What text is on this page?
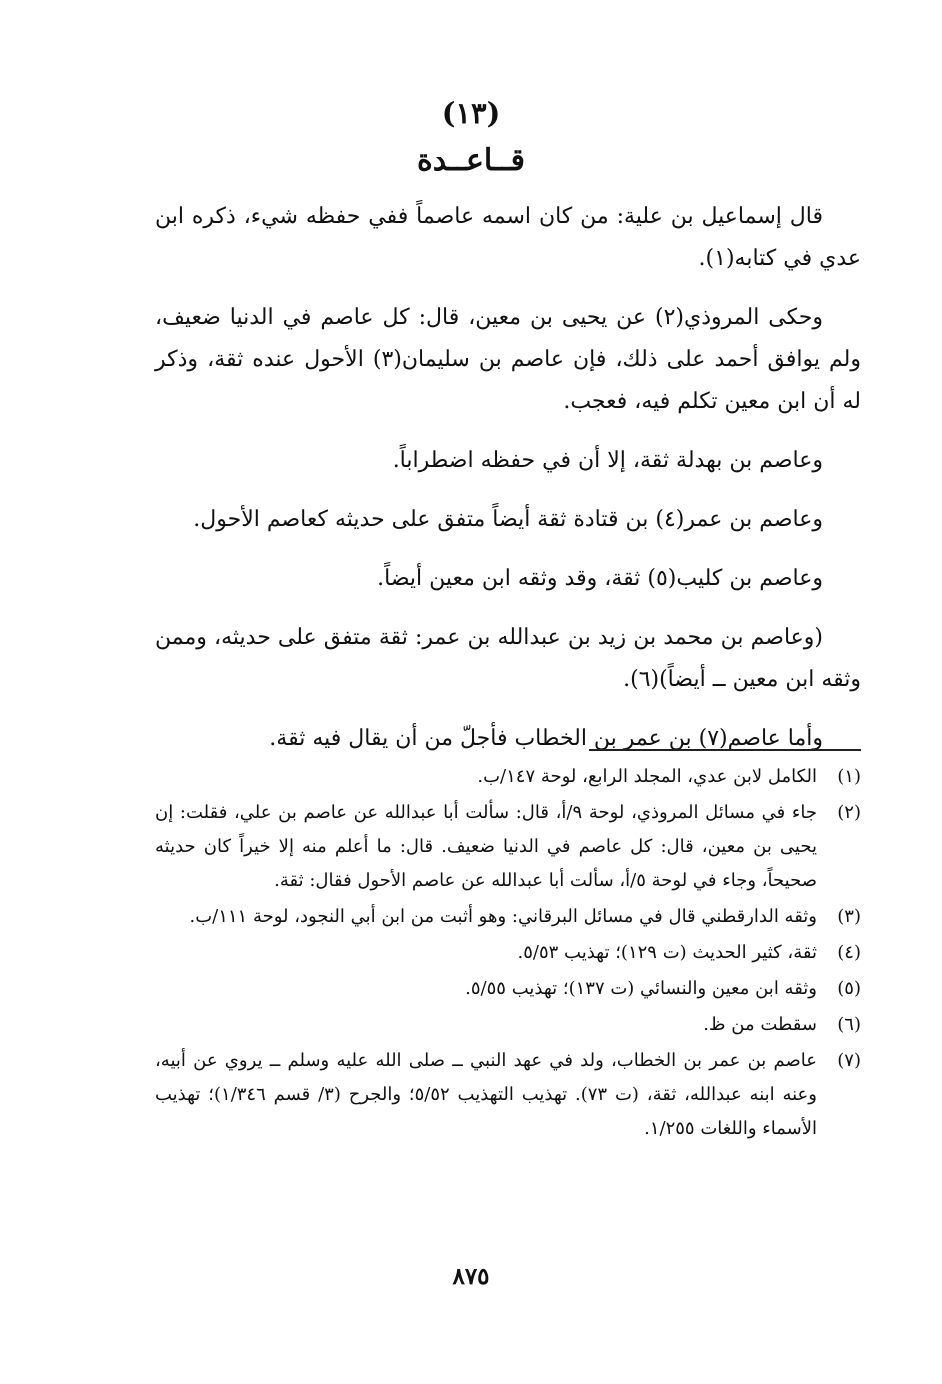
(١٣)
قــاعــدة

قال إسماعيل بن علية: من كان اسمه عاصماً ففي حفظه شيء، ذكره ابن عدي في كتابه(١).

وحكى المروذي(٢) عن يحيى بن معين، قال: كل عاصم في الدنيا ضعيف، ولم يوافق أحمد على ذلك، فإن عاصم بن سليمان(٣) الأحول عنده ثقة، وذكر له أن ابن معين تكلم فيه، فعجب.

وعاصم بن بهدلة ثقة، إلا أن في حفظه اضطراباً.

وعاصم بن عمر(٤) بن قتادة ثقة أيضاً متفق على حديثه كعاصم الأحول.

وعاصم بن كليب(٥) ثقة، وقد وثقه ابن معين أيضاً.

(وعاصم بن محمد بن زيد بن عبدالله بن عمر: ثقة متفق على حديثه، وممن وثقه ابن معين ــ أيضاً)(٦).

وأما عاصم(٧) بن عمر بن الخطاب فأجلّ من أن يقال فيه ثقة.

(١)
الكامل لابن عدي، المجلد الرابع، لوحة ١٤٧/ب.
(٢)
جاء في مسائل المروذي، لوحة ٩/أ، قال: سألت أبا عبدالله عن عاصم بن علي، فقلت: إن يحيى بن معين، قال: كل عاصم في الدنيا ضعيف. قال: ما أعلم منه إلا خيراً كان حديثه صحيحاً، وجاء في لوحة ٥/أ، سألت أبا عبدالله عن عاصم الأحول فقال: ثقة.
(٣)
وثقه الدارقطني قال في مسائل البرقاني: وهو أثبت من ابن أبي النجود، لوحة ١١١/ب.
(٤)
ثقة، كثير الحديث (ت ١٢٩)؛ تهذيب ٥/٥٣.
(٥)
وثقه ابن معين والنسائي (ت ١٣٧)؛ تهذيب ٥/٥٥.
(٦)
سقطت من ظ.
(٧)
عاصم بن عمر بن الخطاب، ولد في عهد النبي ــ صلى الله عليه وسلم ــ يروي عن أبيه، وعنه ابنه عبدالله، ثقة، (ت ٧٣). تهذيب التهذيب ٥/٥٢؛ والجرح (٣/ قسم ١/٣٤٦)؛ تهذيب الأسماء واللغات ١/٢٥٥.
٨٧٥
